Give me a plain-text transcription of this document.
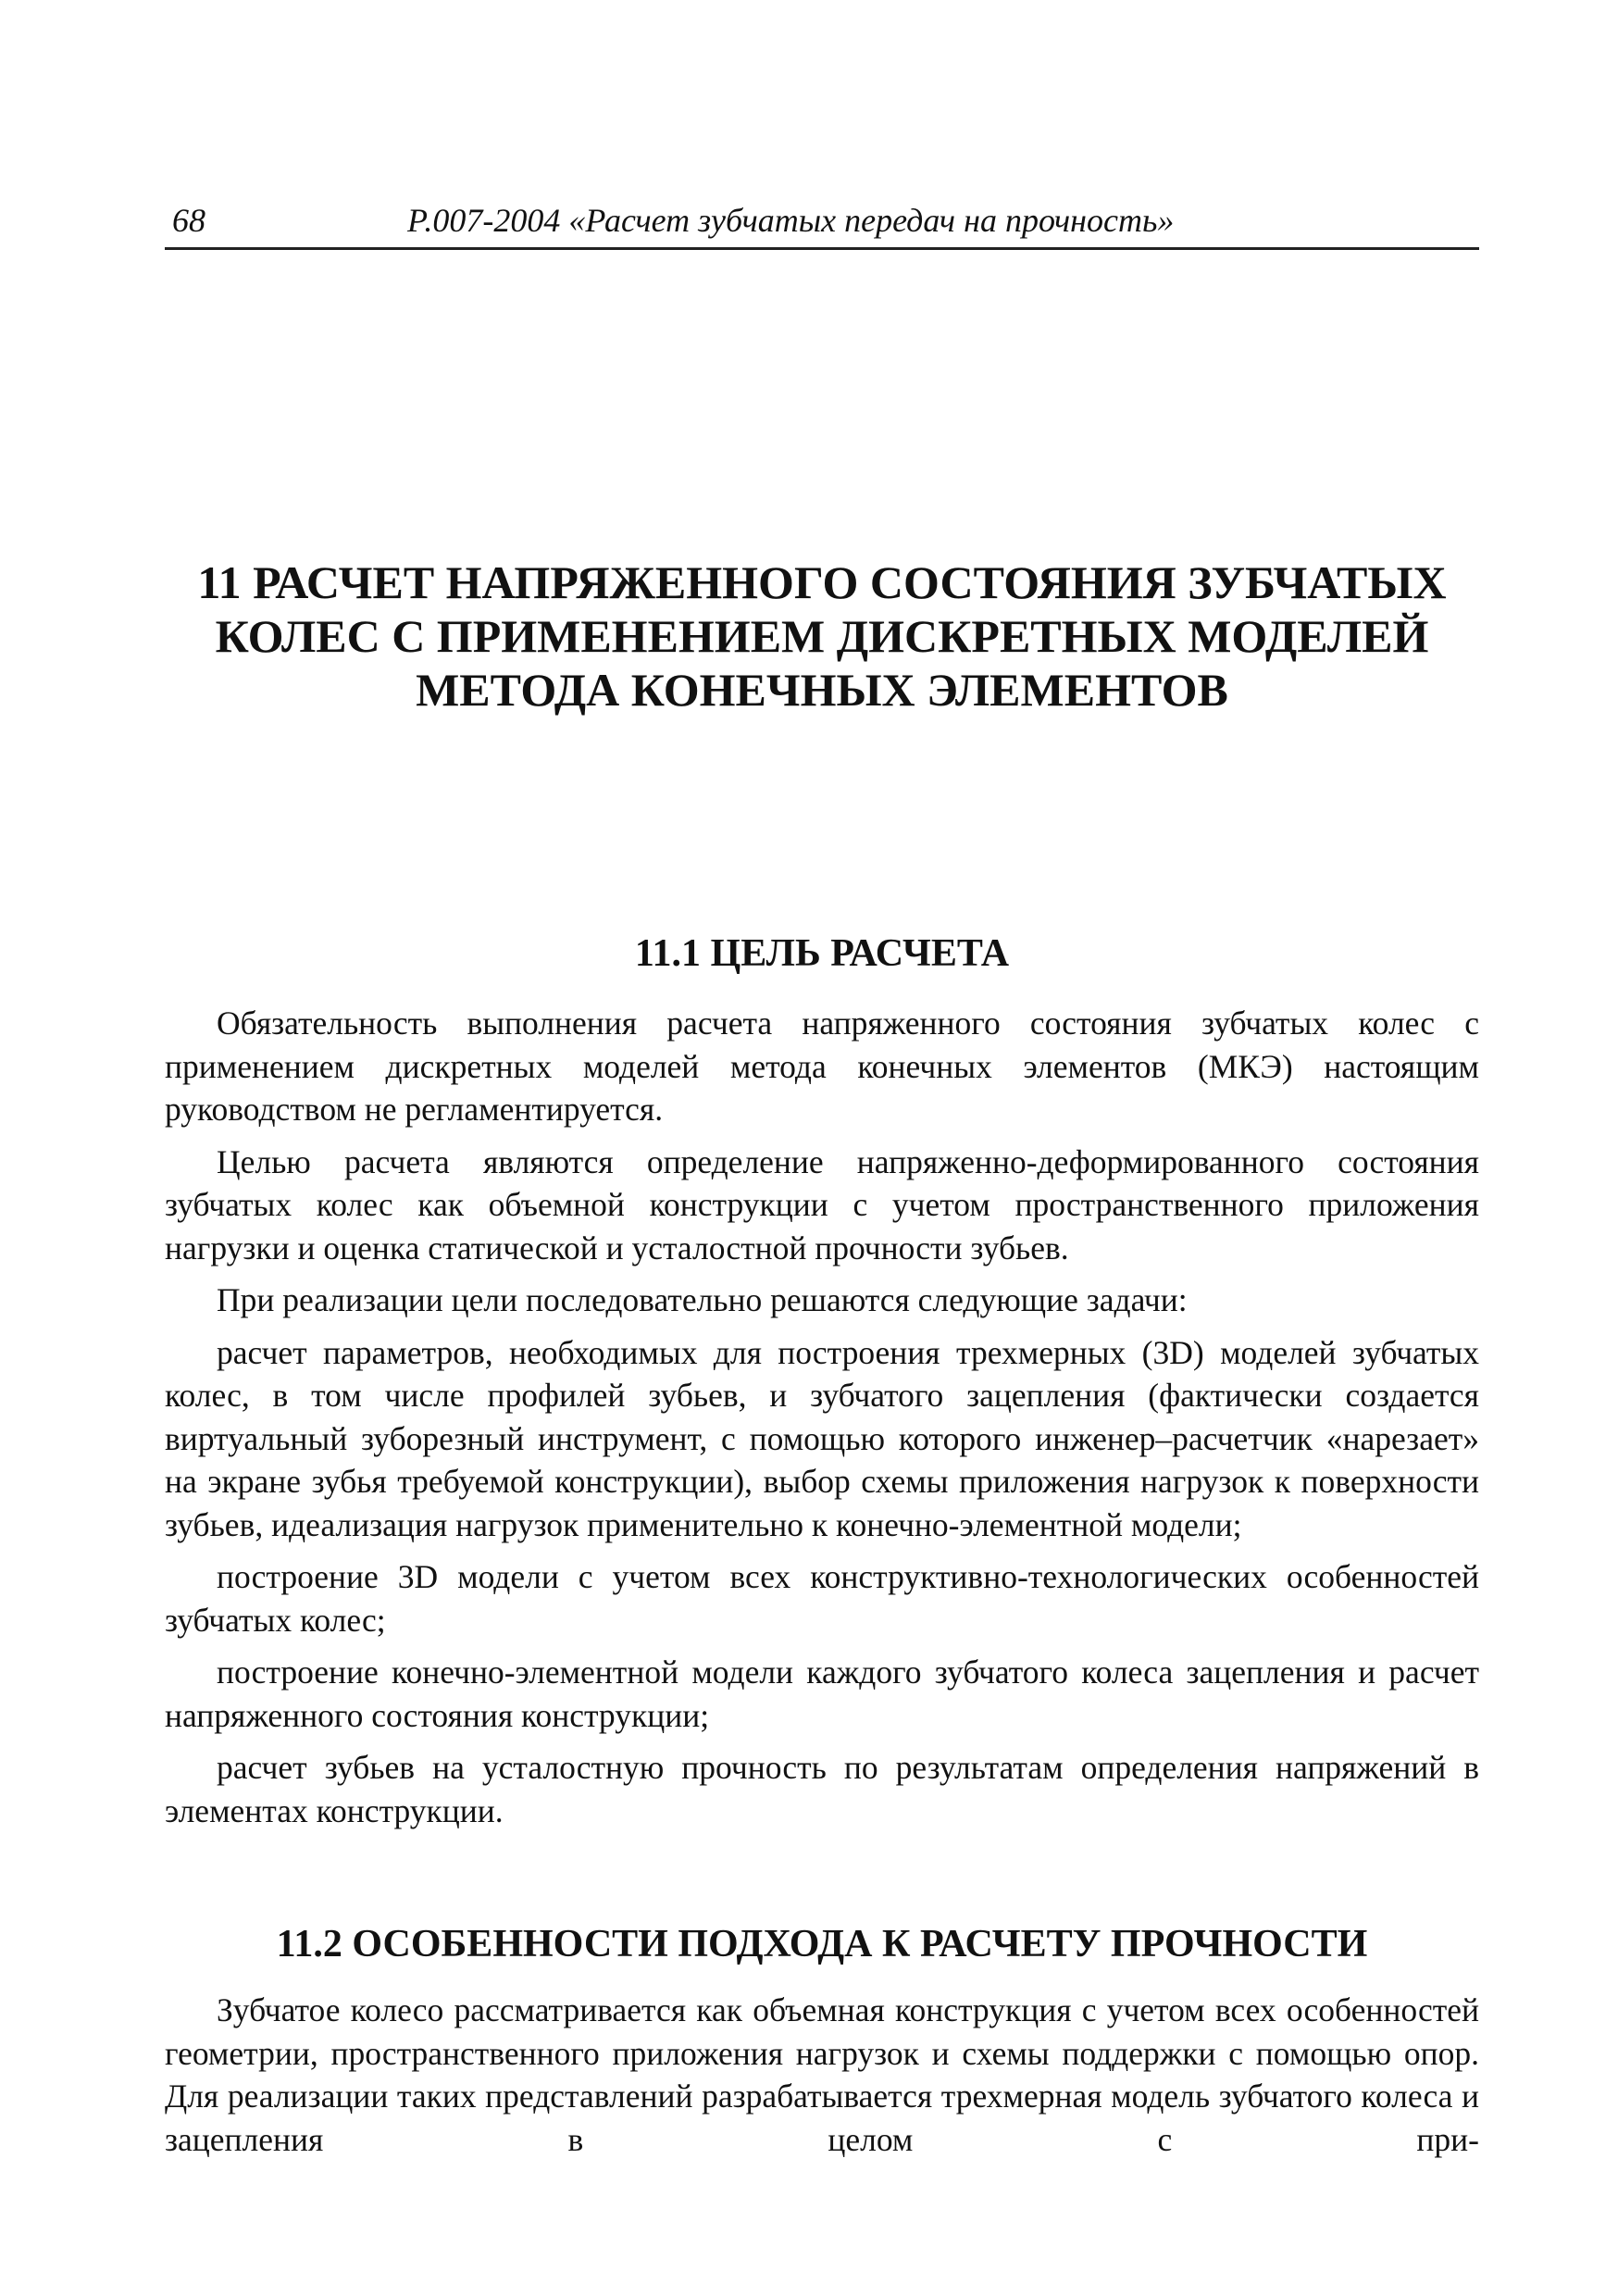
68	Р.007-2004 «Расчет зубчатых передач на прочность»
11 РАСЧЕТ НАПРЯЖЕННОГО СОСТОЯНИЯ ЗУБЧАТЫХ КОЛЕС С ПРИМЕНЕНИЕМ ДИСКРЕТНЫХ МОДЕЛЕЙ МЕТОДА КОНЕЧНЫХ ЭЛЕМЕНТОВ
11.1 ЦЕЛЬ РАСЧЕТА

Обязательность выполнения расчета напряженного состояния зубчатых колес с применением дискретных моделей метода конечных элементов (МКЭ) настоящим руководством не регламентируется.

Целью расчета являются определение напряженно-деформированного состояния зубчатых колес как объемной конструкции с учетом пространственного приложения нагрузки и оценка статической и усталостной прочности зубьев.

При реализации цели последовательно решаются следующие задачи:

расчет параметров, необходимых для построения трехмерных (3D) моделей зубчатых колес, в том числе профилей зубьев, и зубчатого зацепления (фактически создается виртуальный зуборезный инструмент, с помощью которого инженер–расчетчик «нарезает» на экране зубья требуемой конструкции), выбор схемы приложения нагрузок к поверхности зубьев, идеализация нагрузок применительно к конечно-элементной модели;

построение 3D модели с учетом всех конструктивно-технологических особенностей зубчатых колес;

построение конечно-элементной модели каждого зубчатого колеса зацепления и расчет напряженного состояния конструкции;

расчет зубьев на усталостную прочность по результатам определения напряжений в элементах конструкции.

11.2 ОСОБЕННОСТИ ПОДХОДА К РАСЧЕТУ ПРОЧНОСТИ

Зубчатое колесо рассматривается как объемная конструкция с учетом всех особенностей геометрии, пространственного приложения нагрузок и схемы поддержки с помощью опор. Для реализации таких представлений разрабатывается трехмерная модель зубчатого колеса и зацепления в целом с при-
